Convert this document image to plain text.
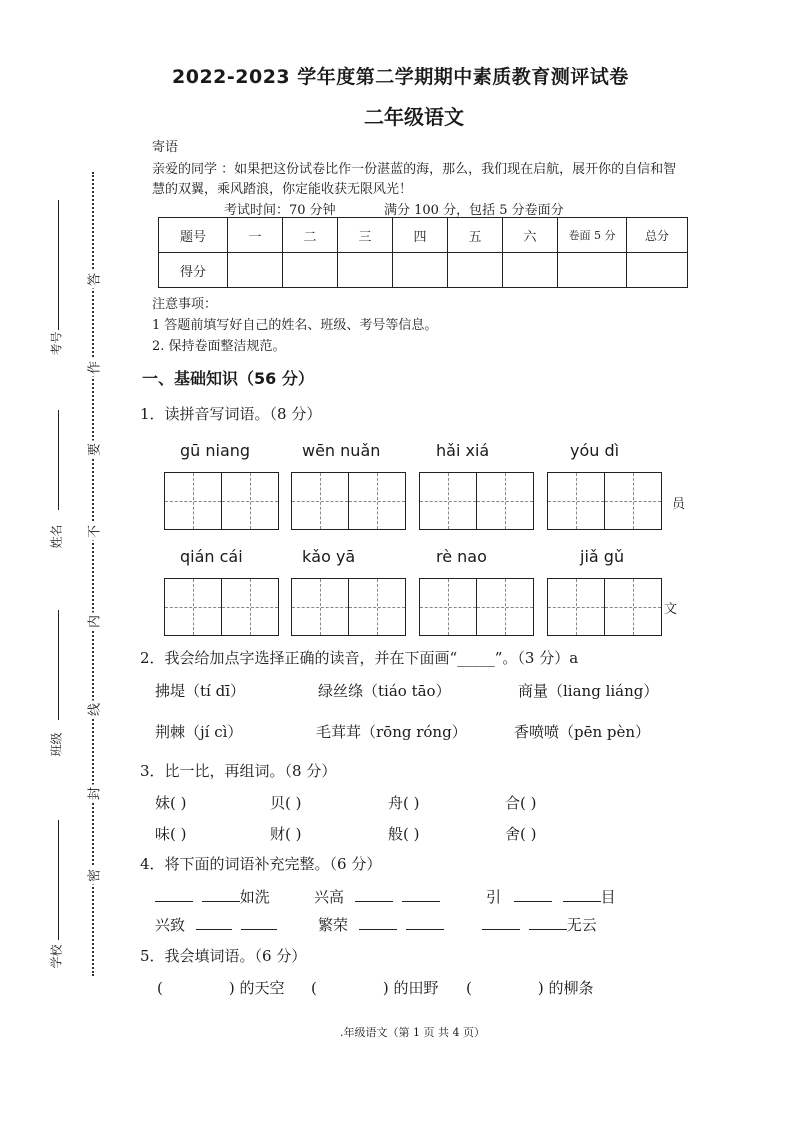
考号
姓名
班级
学校
答
作
要
不
内
线
封
密
2022-2023 学年度第二学期期中素质教育测评试卷
二年级语文
寄语
亲爱的同学 ：如果把这份试卷比作一份湛蓝的海，那么，我们现在启航，展开你的自信和智
慧的双翼，乘风踏浪，你定能收获无限风光！
考试时间：70 分钟	满分 100 分，包括 5 分卷面分
题号	一	二	三	四	五	六	卷面 5 分	总分
得分								
注意事项：
1 答题前填写好自己的姓名、班级、考号等信息。
2. 保持卷面整洁规范。
一、基础知识（56 分）
1．读拼音写词语。（8 分）
gū niang	wēn nuǎn	hǎi xiá	yóu dì
员
qián cái	kǎo yā	rè nao	jiǎ gǔ
文
2．我会给加点字选择正确的读音，并在下面画“_____”。（3 分）a
拂堤（tí dī）	绿丝绦（tiáo tāo）	商量（liang liáng）
荆棘（jí cì）	毛茸茸（rōng róng）	香喷喷（pēn pèn）
3．比一比，再组词。（8 分）
妹( )	贝( )	舟( )	合( )
味( )	财( )	般( )	舍( )
4．将下面的词语补充完整。（6 分）
如洗	兴高	引	目
兴致	繁荣	无云
5．我会填词语。（6 分）
(	) 的天空 (	) 的田野 (	) 的柳条
.年级语文（第 1 页 共 4 页）
